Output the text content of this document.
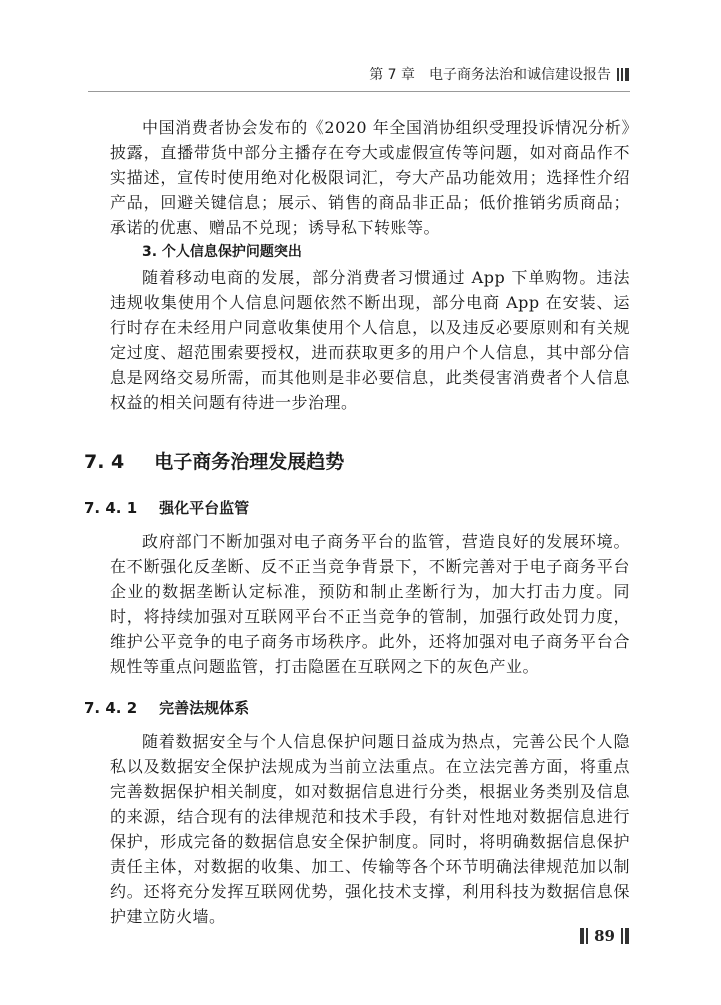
第 7 章 电子商务法治和诚信建设报告

中国消费者协会发布的《2020 年全国消协组织受理投诉情况分析》披露，直播带货中部分主播存在夸大或虚假宣传等问题，如对商品作不实描述，宣传时使用绝对化极限词汇，夸大产品功能效用；选择性介绍产品，回避关键信息；展示、销售的商品非正品；低价推销劣质商品；承诺的优惠、赠品不兑现；诱导私下转账等。

3. 个人信息保护问题突出

随着移动电商的发展，部分消费者习惯通过 App 下单购物。违法违规收集使用个人信息问题依然不断出现，部分电商 App 在安装、运行时存在未经用户同意收集使用个人信息，以及违反必要原则和有关规定过度、超范围索要授权，进而获取更多的用户个人信息，其中部分信息是网络交易所需，而其他则是非必要信息，此类侵害消费者个人信息权益的相关问题有待进一步治理。

7. 4 电子商务治理发展趋势
7. 4. 1 强化平台监管

政府部门不断加强对电子商务平台的监管，营造良好的发展环境。在不断强化反垄断、反不正当竞争背景下，不断完善对于电子商务平台企业的数据垄断认定标准，预防和制止垄断行为，加大打击力度。同时，将持续加强对互联网平台不正当竞争的管制，加强行政处罚力度，维护公平竞争的电子商务市场秩序。此外，还将加强对电子商务平台合规性等重点问题监管，打击隐匿在互联网之下的灰色产业。

7. 4. 2 完善法规体系

随着数据安全与个人信息保护问题日益成为热点，完善公民个人隐私以及数据安全保护法规成为当前立法重点。在立法完善方面，将重点完善数据保护相关制度，如对数据信息进行分类，根据业务类别及信息的来源，结合现有的法律规范和技术手段，有针对性地对数据信息进行保护，形成完备的数据信息安全保护制度。同时，将明确数据信息保护责任主体，对数据的收集、加工、传输等各个环节明确法律规范加以制约。还将充分发挥互联网优势，强化技术支撑，利用科技为数据信息保护建立防火墙。

89
